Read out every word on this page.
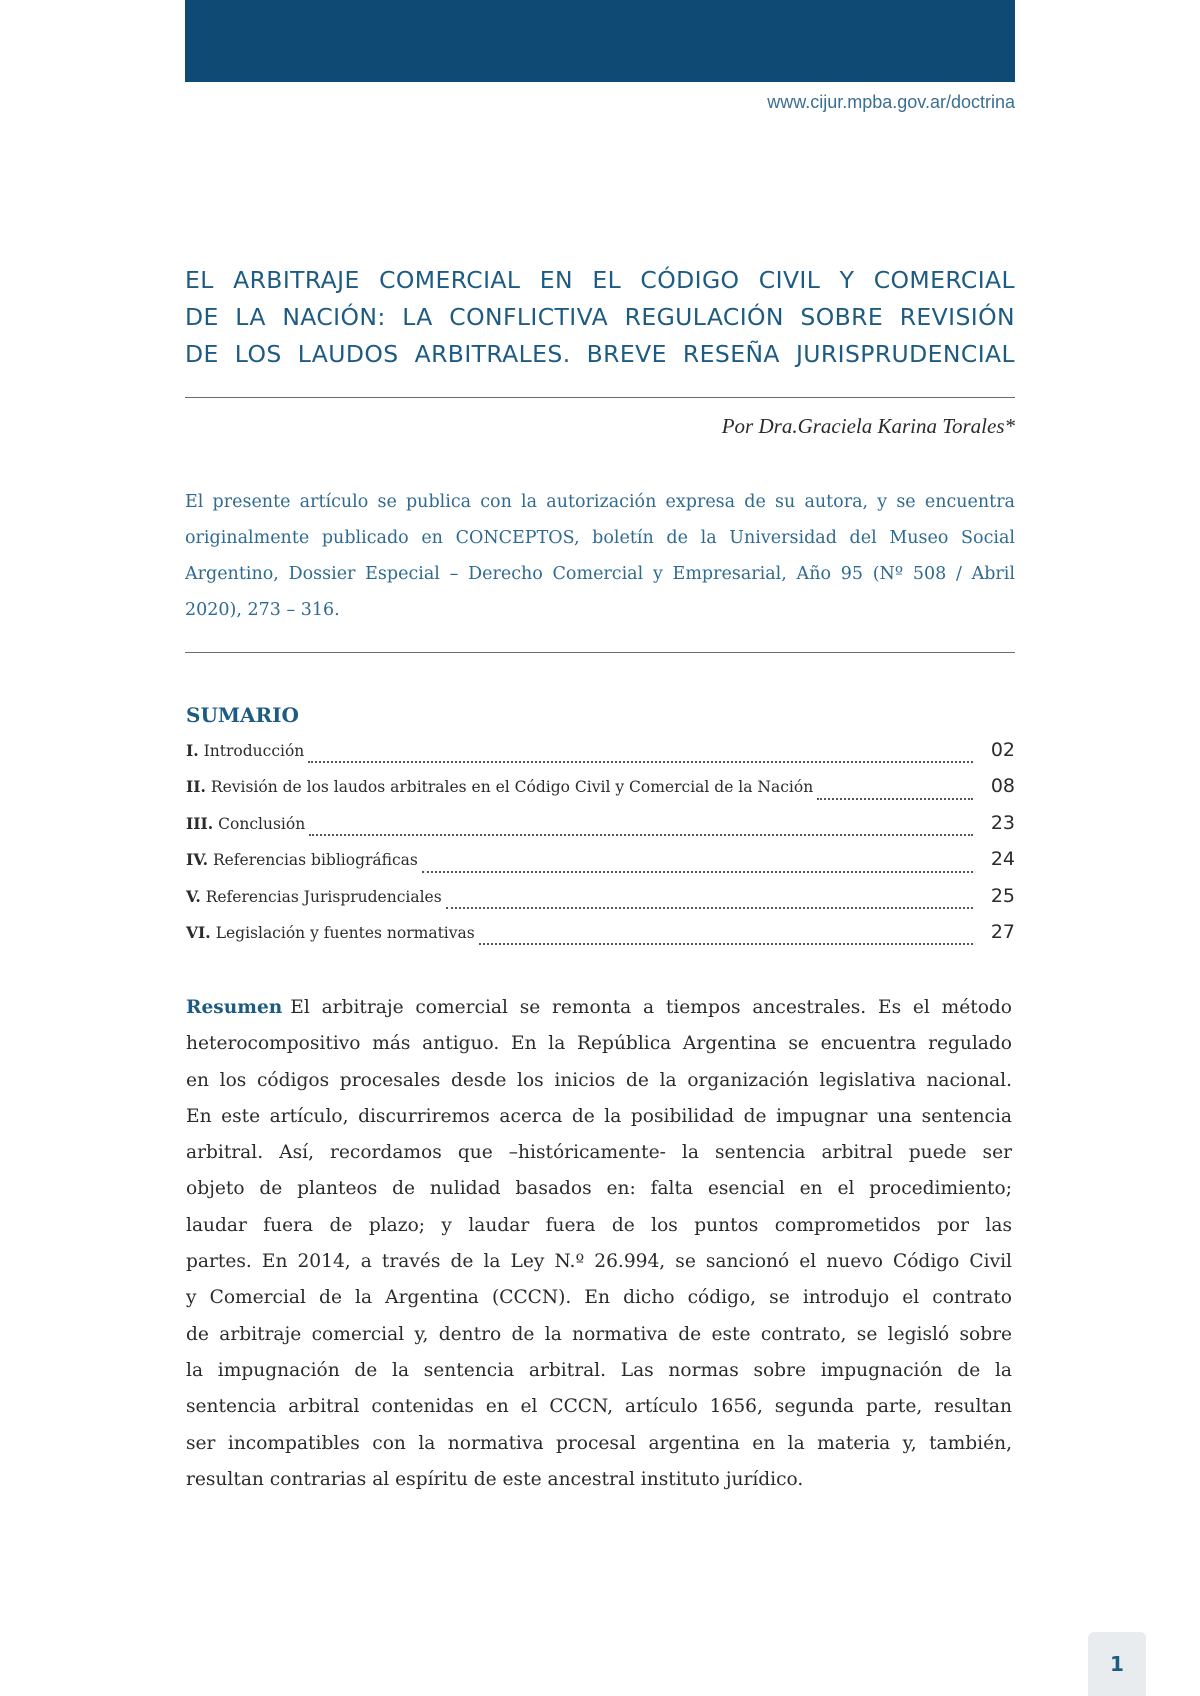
www.cijur.mpba.gov.ar/doctrina
EL ARBITRAJE COMERCIAL EN EL CÓDIGO CIVIL Y COMERCIAL
DE LA NACIÓN: LA CONFLICTIVA REGULACIÓN SOBRE REVISIÓN
DE LOS LAUDOS ARBITRALES. BREVE RESEÑA JURISPRUDENCIAL
Por Dra.Graciela Karina Torales*
El presente artículo se publica con la autorización expresa de su autora, y se encuentra
originalmente publicado en CONCEPTOS, boletín de la Universidad del Museo Social
Argentino, Dossier Especial – Derecho Comercial y Empresarial, Año 95 (Nº 508 / Abril
2020), 273 – 316.
SUMARIO
I. Introducción	02
II. Revisión de los laudos arbitrales en el Código Civil y Comercial de la Nación	08
III. Conclusión	23
IV. Referencias bibliográficas	24
V. Referencias Jurisprudenciales	25
VI. Legislación y fuentes normativas	27
Resumen El arbitraje comercial se remonta a tiempos ancestrales. Es el método
heterocompositivo más antiguo. En la República Argentina se encuentra regulado
en los códigos procesales desde los inicios de la organización legislativa nacional.
En este artículo, discurriremos acerca de la posibilidad de impugnar una sentencia
arbitral. Así, recordamos que –históricamente- la sentencia arbitral puede ser
objeto de planteos de nulidad basados en: falta esencial en el procedimiento;
laudar fuera de plazo; y laudar fuera de los puntos comprometidos por las
partes. En 2014, a través de la Ley N.º 26.994, se sancionó el nuevo Código Civil
y Comercial de la Argentina (CCCN). En dicho código, se introdujo el contrato
de arbitraje comercial y, dentro de la normativa de este contrato, se legisló sobre
la impugnación de la sentencia arbitral. Las normas sobre impugnación de la
sentencia arbitral contenidas en el CCCN, artículo 1656, segunda parte, resultan
ser incompatibles con la normativa procesal argentina en la materia y, también,
resultan contrarias al espíritu de este ancestral instituto jurídico.
1
